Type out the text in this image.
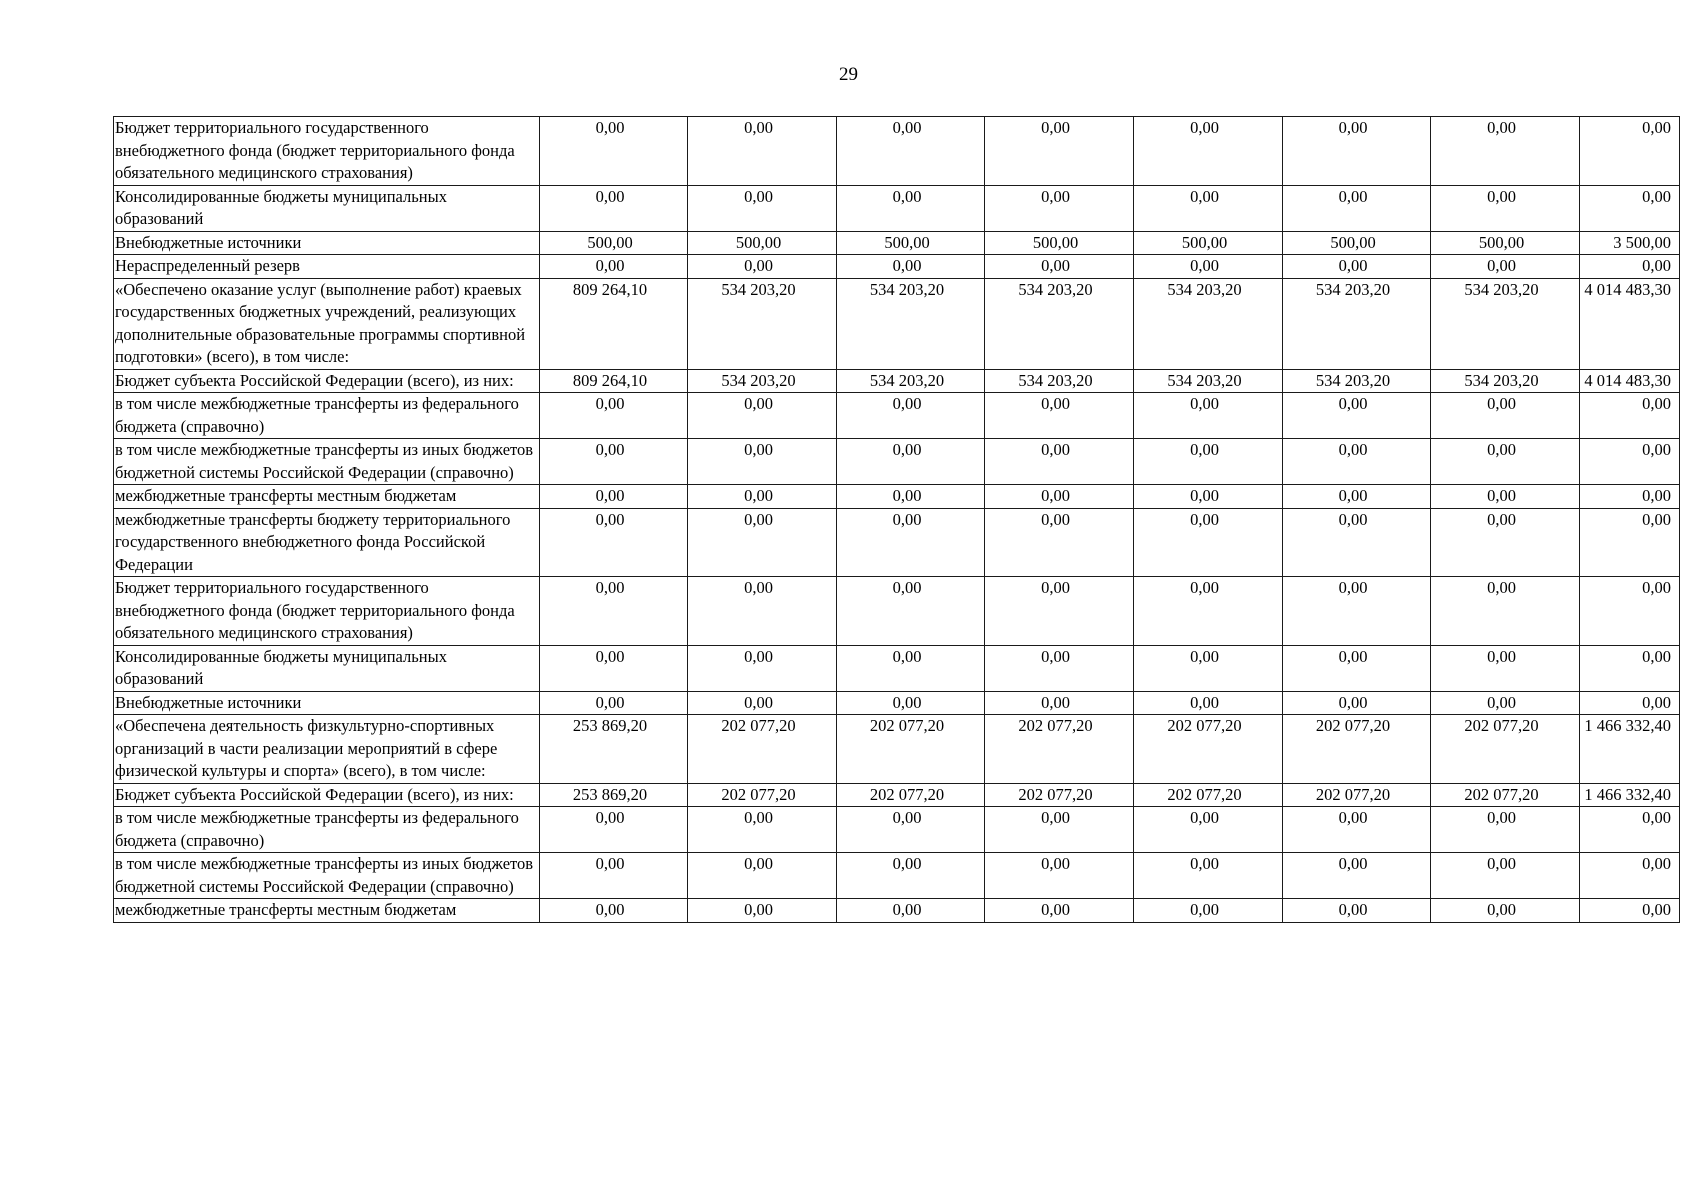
29
Бюджет территориального государственного внебюджетного фонда (бюджет территориального фонда обязательного медицинского страхования)	0,00	0,00	0,00	0,00	0,00	0,00	0,00	0,00
Консолидированные бюджеты муниципальных образований	0,00	0,00	0,00	0,00	0,00	0,00	0,00	0,00
Внебюджетные источники	500,00	500,00	500,00	500,00	500,00	500,00	500,00	3 500,00
Нераспределенный резерв	0,00	0,00	0,00	0,00	0,00	0,00	0,00	0,00
«Обеспечено оказание услуг (выполнение работ) краевых государственных бюджетных учреждений, реализующих дополнительные образовательные программы спортивной подготовки» (всего), в том числе:	809 264,10	534 203,20	534 203,20	534 203,20	534 203,20	534 203,20	534 203,20	4 014 483,30
Бюджет субъекта Российской Федерации (всего), из них:	809 264,10	534 203,20	534 203,20	534 203,20	534 203,20	534 203,20	534 203,20	4 014 483,30
в том числе межбюджетные трансферты из федерального бюджета (справочно)	0,00	0,00	0,00	0,00	0,00	0,00	0,00	0,00
в том числе межбюджетные трансферты из иных бюджетов бюджетной системы Российской Федерации (справочно)	0,00	0,00	0,00	0,00	0,00	0,00	0,00	0,00
межбюджетные трансферты местным бюджетам	0,00	0,00	0,00	0,00	0,00	0,00	0,00	0,00
межбюджетные трансферты бюджету территориального государственного внебюджетного фонда Российской Федерации	0,00	0,00	0,00	0,00	0,00	0,00	0,00	0,00
Бюджет территориального государственного внебюджетного фонда (бюджет территориального фонда обязательного медицинского страхования)	0,00	0,00	0,00	0,00	0,00	0,00	0,00	0,00
Консолидированные бюджеты муниципальных образований	0,00	0,00	0,00	0,00	0,00	0,00	0,00	0,00
Внебюджетные источники	0,00	0,00	0,00	0,00	0,00	0,00	0,00	0,00
«Обеспечена деятельность физкультурно-спортивных организаций в части реализации мероприятий в сфере физической культуры и спорта» (всего), в том числе:	253 869,20	202 077,20	202 077,20	202 077,20	202 077,20	202 077,20	202 077,20	1 466 332,40
Бюджет субъекта Российской Федерации (всего), из них:	253 869,20	202 077,20	202 077,20	202 077,20	202 077,20	202 077,20	202 077,20	1 466 332,40
в том числе межбюджетные трансферты из федерального бюджета (справочно)	0,00	0,00	0,00	0,00	0,00	0,00	0,00	0,00
в том числе межбюджетные трансферты из иных бюджетов бюджетной системы Российской Федерации (справочно)	0,00	0,00	0,00	0,00	0,00	0,00	0,00	0,00
межбюджетные трансферты местным бюджетам	0,00	0,00	0,00	0,00	0,00	0,00	0,00	0,00
